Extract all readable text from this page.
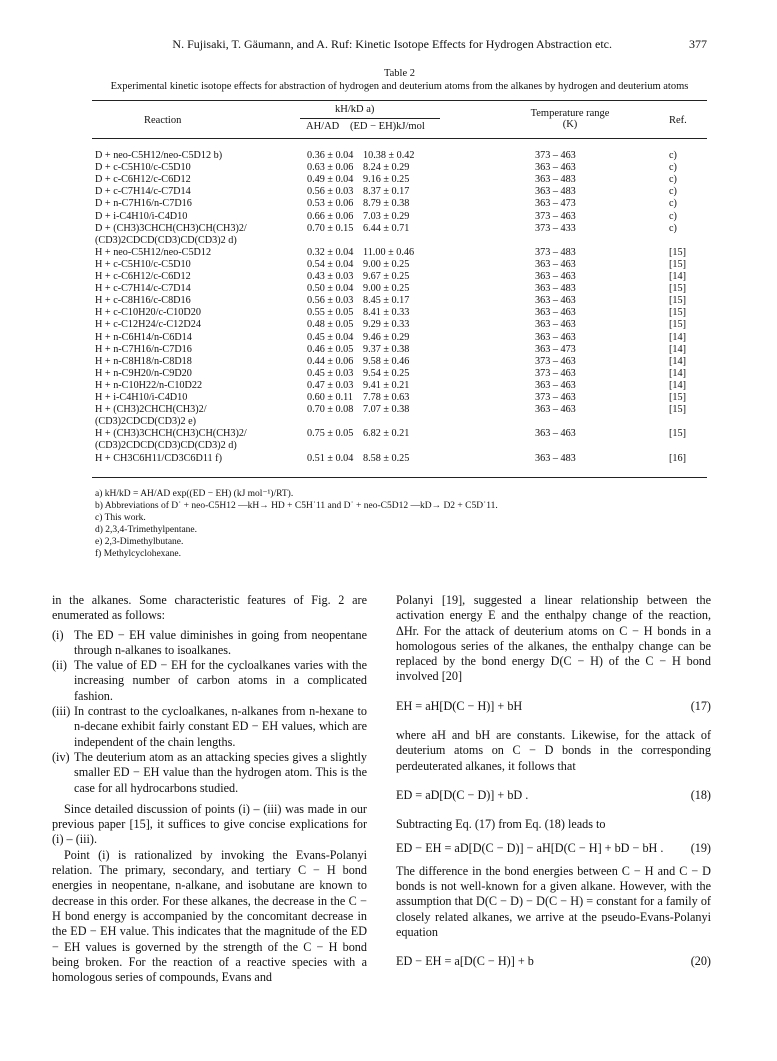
N. Fujisaki, T. Gäumann, and A. Ruf: Kinetic Isotope Effects for Hydrogen Abstraction etc.	377
Table 2
Experimental kinetic isotope effects for abstraction of hydrogen and deuterium atoms from the alkanes by hydrogen and deuterium atoms
Reaction
kH/kD a)
AH/AD (ED − EH)kJ/mol
Temperature range (K)	Ref.
D + neo-C5H12/neo-C5D12 b)	0.36 ± 0.04 10.38 ± 0.42	373 – 463	c)
D + c-C5H10/c-C5D10	0.63 ± 0.06 8.24 ± 0.29	363 – 463	c)
D + c-C6H12/c-C6D12	0.49 ± 0.04 9.16 ± 0.25	363 – 483	c)
D + c-C7H14/c-C7D14	0.56 ± 0.03 8.37 ± 0.17	363 – 483	c)
D + n-C7H16/n-C7D16	0.53 ± 0.06 8.79 ± 0.38	363 – 473	c)
D + i-C4H10/i-C4D10	0.66 ± 0.06 7.03 ± 0.29	373 – 463	c)
D + (CH3)3CHCH(CH3)CH(CH3)2/	0.70 ± 0.15 6.44 ± 0.71	373 – 433	c)
(CD3)2CDCD(CD3)CD(CD3)2 d)
H + neo-C5H12/neo-C5D12	0.32 ± 0.04 11.00 ± 0.46	373 – 483	[15]
H + c-C5H10/c-C5D10	0.54 ± 0.04 9.00 ± 0.25	363 – 463	[15]
H + c-C6H12/c-C6D12	0.43 ± 0.03 9.67 ± 0.25	363 – 463	[14]
H + c-C7H14/c-C7D14	0.50 ± 0.04 9.00 ± 0.25	363 – 483	[15]
H + c-C8H16/c-C8D16	0.56 ± 0.03 8.45 ± 0.17	363 – 463	[15]
H + c-C10H20/c-C10D20	0.55 ± 0.05 8.41 ± 0.33	363 – 463	[15]
H + c-C12H24/c-C12D24	0.48 ± 0.05 9.29 ± 0.33	363 – 463	[15]
H + n-C6H14/n-C6D14	0.45 ± 0.04 9.46 ± 0.29	363 – 463	[14]
H + n-C7H16/n-C7D16	0.46 ± 0.05 9.37 ± 0.38	363 – 473	[14]
H + n-C8H18/n-C8D18	0.44 ± 0.06 9.58 ± 0.46	373 – 463	[14]
H + n-C9H20/n-C9D20	0.45 ± 0.03 9.54 ± 0.25	373 – 463	[14]
H + n-C10H22/n-C10D22	0.47 ± 0.03 9.41 ± 0.21	363 – 463	[14]
H + i-C4H10/i-C4D10	0.60 ± 0.11 7.78 ± 0.63	373 – 463	[15]
H + (CH3)2CHCH(CH3)2/	0.70 ± 0.08 7.07 ± 0.38	363 – 463	[15]
(CD3)2CDCD(CD3)2 e)
H + (CH3)3CHCH(CH3)CH(CH3)2/	0.75 ± 0.05 6.82 ± 0.21	363 – 463	[15]
(CD3)2CDCD(CD3)CD(CD3)2 d)
H + CH3C6H11/CD3C6D11 f)	0.51 ± 0.04 8.58 ± 0.25	363 – 483	[16]
a) kH/kD = AH/AD exp((ED − EH) (kJ mol⁻¹)/RT).
b) Abbreviations of D˙ + neo-C5H12 —kH→ HD + C5H˙11 and D˙ + neo-C5D12 —kD→ D2 + C5D˙11.
c) This work.
d) 2,3,4-Trimethylpentane.
e) 2,3-Dimethylbutane.
f) Methylcyclohexane.

in the alkanes. Some characteristic features of Fig. 2 are enumerated as follows:

(i) The ED − EH value diminishes in going from neopentane through n-alkanes to isoalkanes.
(ii) The value of ED − EH for the cycloalkanes varies with the increasing number of carbon atoms in a complicated fashion.
(iii) In contrast to the cycloalkanes, n-alkanes from n-hexane to n-decane exhibit fairly constant ED − EH values, which are independent of the chain lengths.
(iv) The deuterium atom as an attacking species gives a slightly smaller ED − EH value than the hydrogen atom. This is the case for all hydrocarbons studied.

Since detailed discussion of points (i) – (iii) was made in our previous paper [15], it suffices to give concise explications for (i) – (iii).

Point (i) is rationalized by invoking the Evans-Polanyi relation. The primary, secondary, and tertiary C − H bond energies in neopentane, n-alkane, and isobutane are known to decrease in this order. For these alkanes, the decrease in the C − H bond energy is accompanied by the concomitant decrease in the ED − EH value. This indicates that the magnitude of the ED − EH values is governed by the strength of the C − H bond being broken. For the reaction of a reactive species with a homologous series of compounds, Evans and

Polanyi [19], suggested a linear relationship between the activation energy E and the enthalpy change of the reaction, ΔHr. For the attack of deuterium atoms on C − H bonds in a homologous series of the alkanes, the enthalpy change can be replaced by the bond energy D(C − H) of the C − H bond involved [20]

EH = aH[D(C − H)] + bH	(17)

where aH and bH are constants. Likewise, for the attack of deuterium atoms on C − D bonds in the corresponding perdeuterated alkanes, it follows that

ED = aD[D(C − D)] + bD .	(18)

Subtracting Eq. (17) from Eq. (18) leads to

ED − EH = aD[D(C − D)] − aH[D(C − H] + bD − bH . (19)

The difference in the bond energies between C − H and C − D bonds is not well-known for a given alkane. However, with the assumption that D(C − D) − D(C − H) = constant for a family of closely related alkanes, we arrive at the pseudo-Evans-Polanyi equation

ED − EH = a[D(C − H)] + b	(20)
